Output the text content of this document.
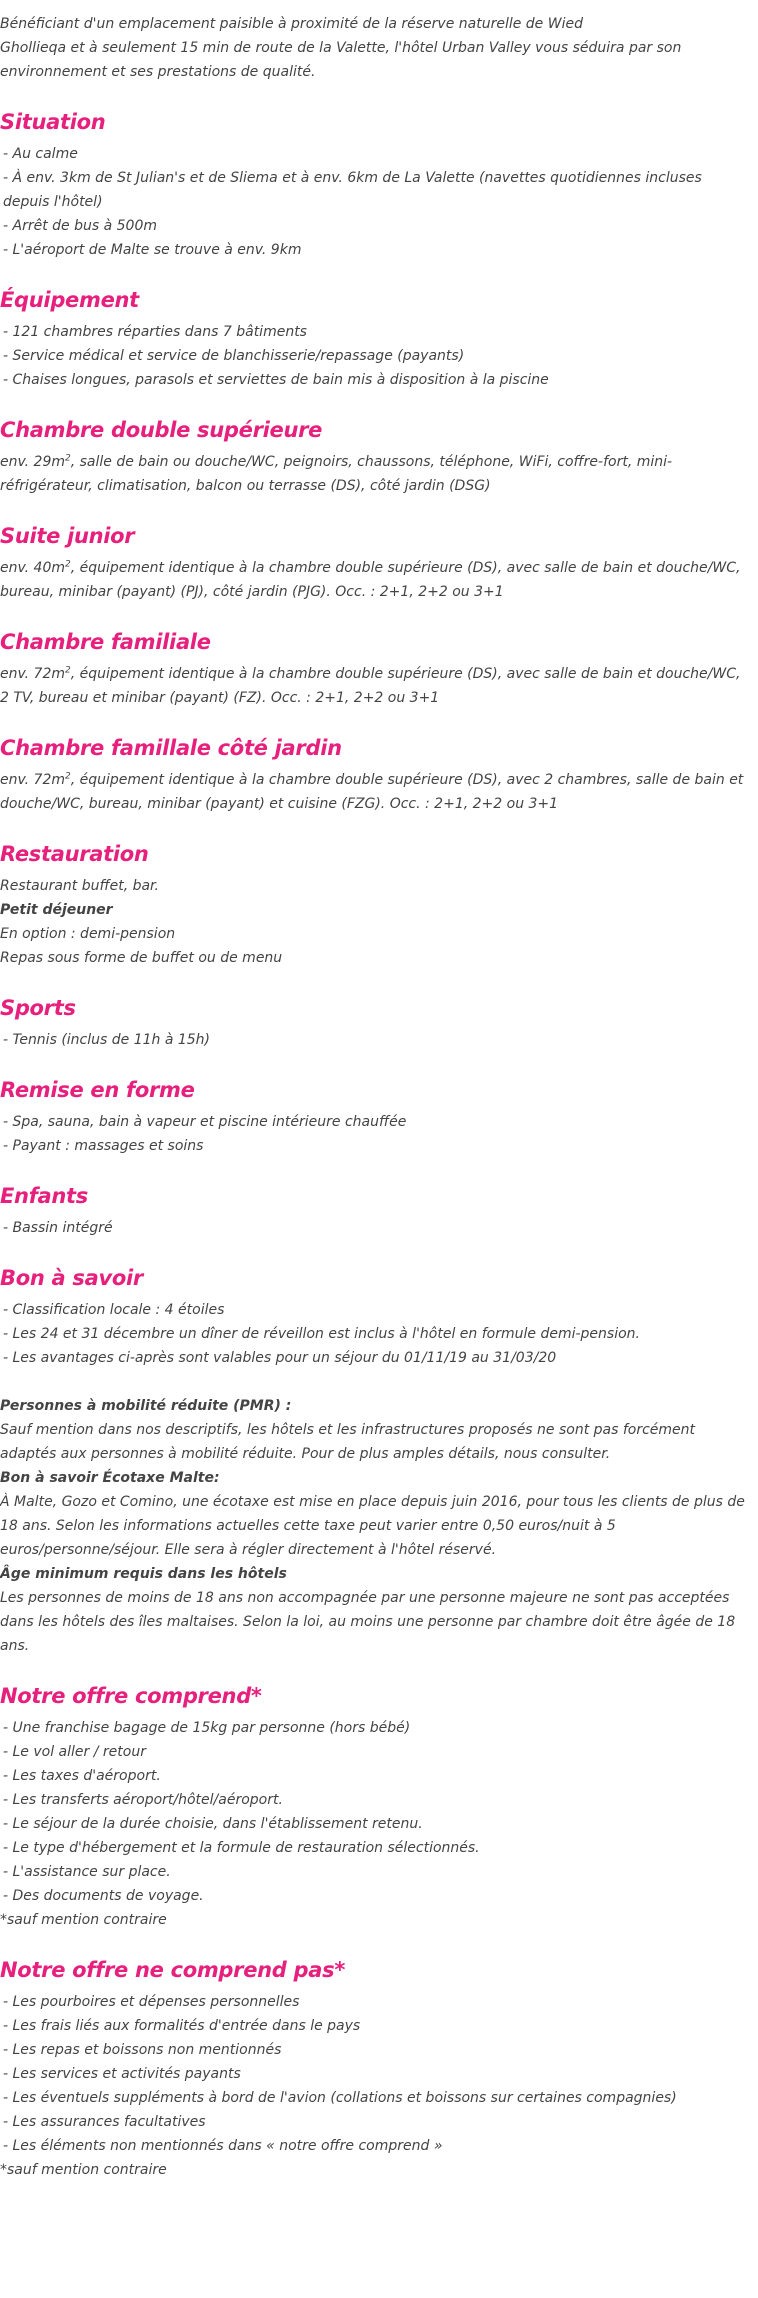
Bénéficiant d'un emplacement paisible à proximité de la réserve naturelle de Wied

Ghollieqa et à seulement 15 min de route de la Valette, l'hôtel Urban Valley vous séduira par son environnement et ses prestations de qualité.

Situation

- Au calme

- À env. 3km de St Julian's et de Sliema et à env. 6km de La Valette (navettes quotidiennes incluses depuis l'hôtel)

- Arrêt de bus à 500m

- L'aéroport de Malte se trouve à env. 9km

Équipement

- 121 chambres réparties dans 7 bâtiments

- Service médical et service de blanchisserie/repassage (payants)

- Chaises longues, parasols et serviettes de bain mis à disposition à la piscine

Chambre double supérieure

env. $29m^2$, salle de bain ou douche/WC, peignoirs, chaussons, téléphone, WiFi, coffre-fort, mini-réfrigérateur, climatisation, balcon ou terrasse (DS), côté jardin (DSG)

Suite junior

env. $40m^2$, équipement identique à la chambre double supérieure (DS), avec salle de bain et douche/WC, bureau, minibar (payant) (PJ), côté jardin (PJG). Occ. : 2+1, 2+2 ou 3+1

Chambre familiale

env. $72m^2$, équipement identique à la chambre double supérieure (DS), avec salle de bain et douche/WC, 2 TV, bureau et minibar (payant) (FZ). Occ. : 2+1, 2+2 ou 3+1

Chambre famillale côté jardin

env. $72m^2$, équipement identique à la chambre double supérieure (DS), avec 2 chambres, salle de bain et douche/WC, bureau, minibar (payant) et cuisine (FZG). Occ. : 2+1, 2+2 ou 3+1

Restauration

Restaurant buffet, bar.

Petit déjeuner

En option : demi-pension

Repas sous forme de buffet ou de menu

Sports

- Tennis (inclus de 11h à 15h)

Remise en forme

- Spa, sauna, bain à vapeur et piscine intérieure chauffée

- Payant : massages et soins

Enfants

- Bassin intégré

Bon à savoir

- Classification locale : 4 étoiles

- Les 24 et 31 décembre un dîner de réveillon est inclus à l'hôtel en formule demi-pension.

- Les avantages ci-après sont valables pour un séjour du 01/11/19 au 31/03/20

Personnes à mobilité réduite (PMR) :

Sauf mention dans nos descriptifs, les hôtels et les infrastructures proposés ne sont pas forcément adaptés aux personnes à mobilité réduite. Pour de plus amples détails, nous consulter.

Bon à savoir Écotaxe Malte:

À Malte, Gozo et Comino, une écotaxe est mise en place depuis juin 2016, pour tous les clients de plus de 18 ans. Selon les informations actuelles cette taxe peut varier entre 0,50 euros/nuit à 5 euros/personne/séjour. Elle sera à régler directement à l'hôtel réservé.

Âge minimum requis dans les hôtels

Les personnes de moins de 18 ans non accompagnée par une personne majeure ne sont pas acceptées dans les hôtels des îles maltaises. Selon la loi, au moins une personne par chambre doit être âgée de 18 ans.

Notre offre comprend*

- Une franchise bagage de 15kg par personne (hors bébé)

- Le vol aller / retour

- Les taxes d'aéroport.

- Les transferts aéroport/hôtel/aéroport.

- Le séjour de la durée choisie, dans l'établissement retenu.

- Le type d'hébergement et la formule de restauration sélectionnés.

- L'assistance sur place.

- Des documents de voyage.

*sauf mention contraire

Notre offre ne comprend pas*

- Les pourboires et dépenses personnelles

- Les frais liés aux formalités d'entrée dans le pays

- Les repas et boissons non mentionnés

- Les services et activités payants

- Les éventuels suppléments à bord de l'avion (collations et boissons sur certaines compagnies)

- Les assurances facultatives

- Les éléments non mentionnés dans « notre offre comprend »

*sauf mention contraire
